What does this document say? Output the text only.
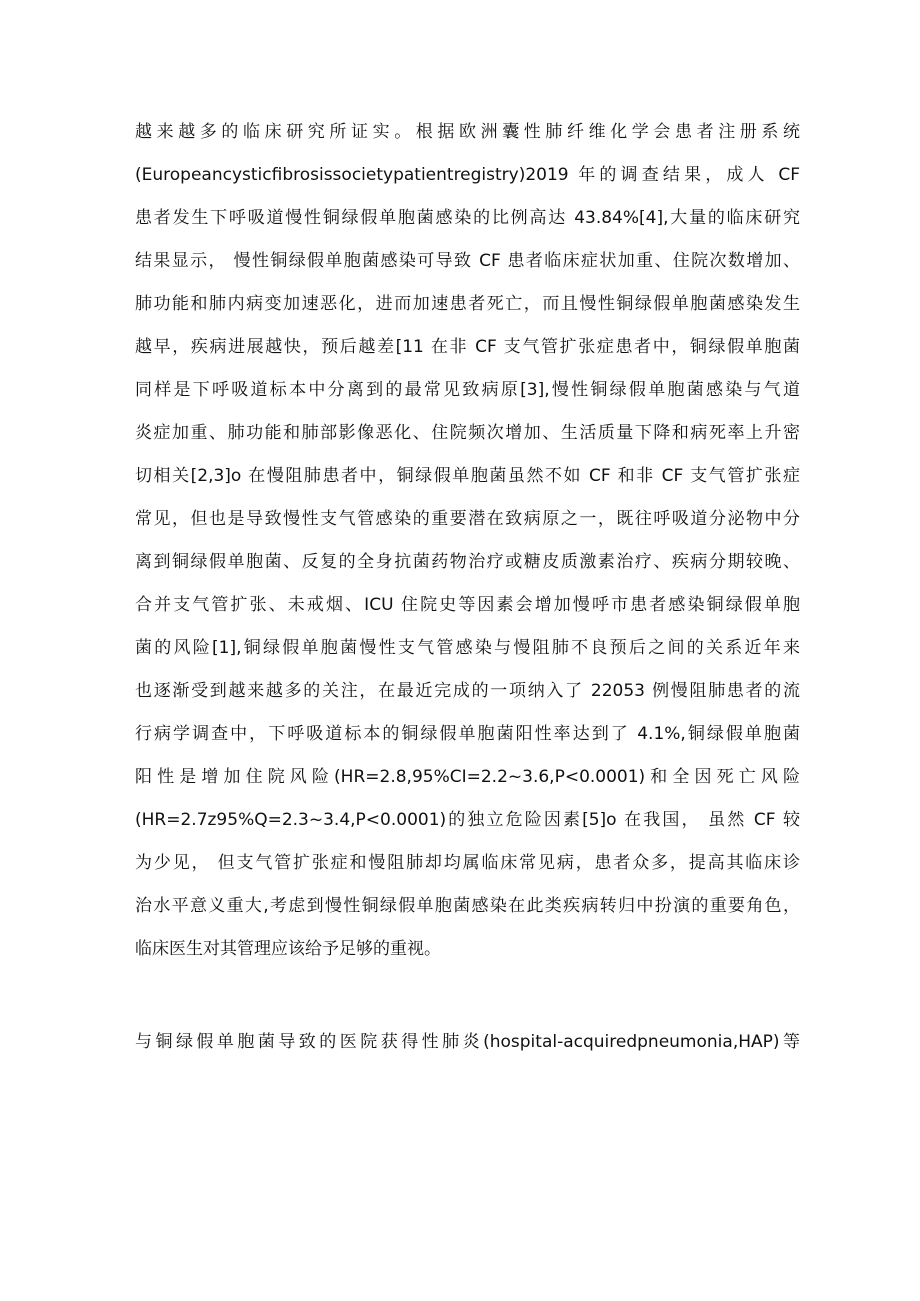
越来越多的临床研究所证实。根据欧洲囊性肺纤维化学会患者注册系统
(Europeancysticfibrosissocietypatientregistry)2019 年的调查结果，成人 CF
患者发生下呼吸道慢性铜绿假单胞菌感染的比例高达 43.84%[4],大量的临床研究
结果显示， 慢性铜绿假单胞菌感染可导致 CF 患者临床症状加重、住院次数增加、
肺功能和肺内病变加速恶化，进而加速患者死亡，而且慢性铜绿假单胞菌感染发生
越早，疾病进展越快，预后越差[11 在非 CF 支气管扩张症患者中，铜绿假单胞菌
同样是下呼吸道标本中分离到的最常见致病原[3],慢性铜绿假单胞菌感染与气道
炎症加重、肺功能和肺部影像恶化、住院频次增加、生活质量下降和病死率上升密
切相关[2,3]o 在慢阻肺患者中，铜绿假单胞菌虽然不如 CF 和非 CF 支气管扩张症
常见，但也是导致慢性支气管感染的重要潜在致病原之一，既往呼吸道分泌物中分
离到铜绿假单胞菌、反复的全身抗菌药物治疗或糖皮质激素治疗、疾病分期较晚、
合并支气管扩张、未戒烟、ICU 住院史等因素会增加慢呼市患者感染铜绿假单胞
菌的风险[1],铜绿假单胞菌慢性支气管感染与慢阻肺不良预后之间的关系近年来
也逐渐受到越来越多的关注，在最近完成的一项纳入了 22053 例慢阻肺患者的流
行病学调查中，下呼吸道标本的铜绿假单胞菌阳性率达到了 4.1%,铜绿假单胞菌
阳性是增加住院风险(HR=2.8,95%CI=2.2~3.6,P<0.0001)和全因死亡风险
(HR=2.7z95%Q=2.3~3.4,P<0.0001)的独立危险因素[5]o 在我国， 虽然 CF 较
为少见， 但支气管扩张症和慢阻肺却均属临床常见病，患者众多，提高其临床诊
治水平意义重大,考虑到慢性铜绿假单胞菌感染在此类疾病转归中扮演的重要角色，
临床医生对其管理应该给予足够的重视。
与铜绿假单胞菌导致的医院获得性肺炎(hospital-acquiredpneumonia,HAP)等
